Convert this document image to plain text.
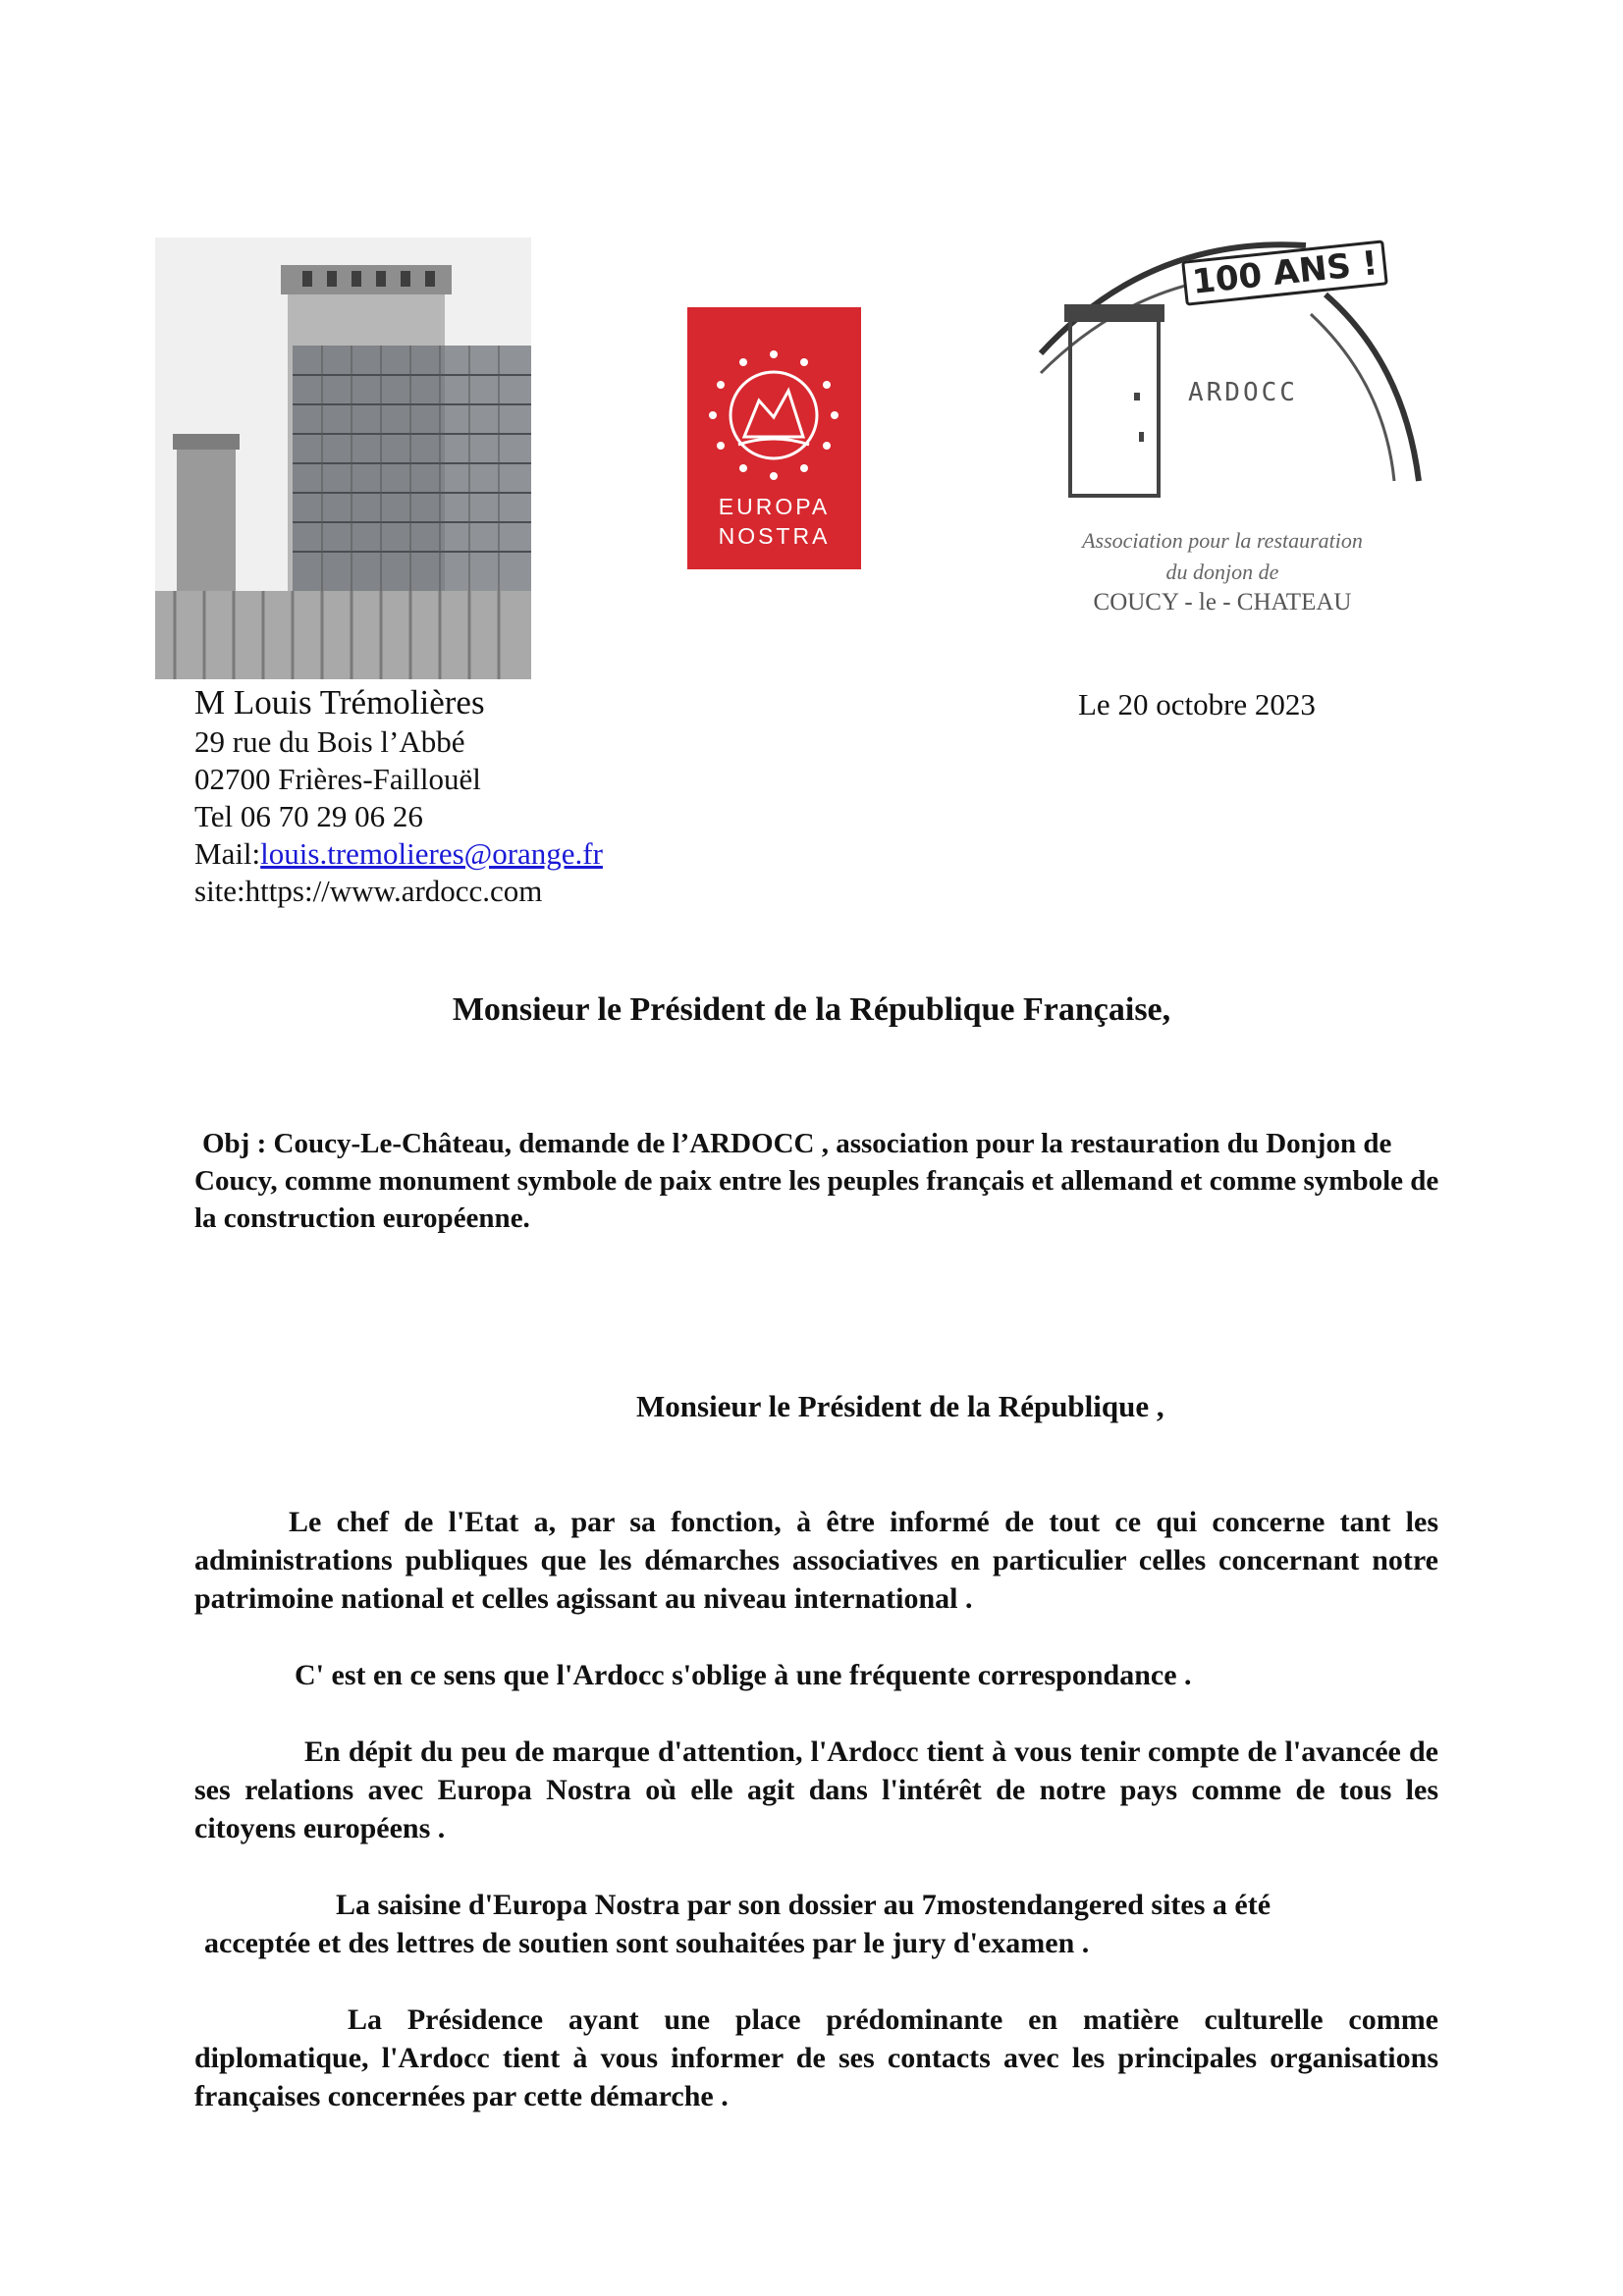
EUROPA
NOSTRA
100 ANS !
ARDOCC
Association pour la restauration
du donjon de
COUCY - le - CHATEAU
M Louis Trémolières
29 rue du Bois l’Abbé
02700 Frières-Faillouël
Tel 06 70 29 06 26
Mail:louis.tremolieres@orange.fr
site:https://www.ardocc.com
Le 20 octobre 2023
Monsieur le Président de la République Française,
Obj : Coucy-Le-Château, demande de l’ARDOCC , association pour la restauration du Donjon de Coucy, comme monument symbole de paix entre les peuples français et allemand et comme symbole de la construction européenne.
Monsieur le Président de la République ,
Le chef de l'Etat a, par sa fonction, à être informé de tout ce qui concerne tant les administrations publiques que les démarches associatives en particulier celles concernant notre patrimoine national et celles agissant au niveau international .
C' est en ce sens que l'Ardocc s'oblige à une fréquente correspondance .
En dépit du peu de marque d'attention, l'Ardocc tient à vous tenir compte de l'avancée de ses relations avec Europa Nostra où elle agit dans l'intérêt de notre pays comme de tous les citoyens européens .
La saisine d'Europa Nostra par son dossier au 7mostendangered sites a été
acceptée et des lettres de soutien sont souhaitées par le jury d'examen .
La Présidence ayant une place prédominante en matière culturelle comme diplomatique, l'Ardocc tient à vous informer de ses contacts avec les principales organisations françaises concernées par cette démarche .
